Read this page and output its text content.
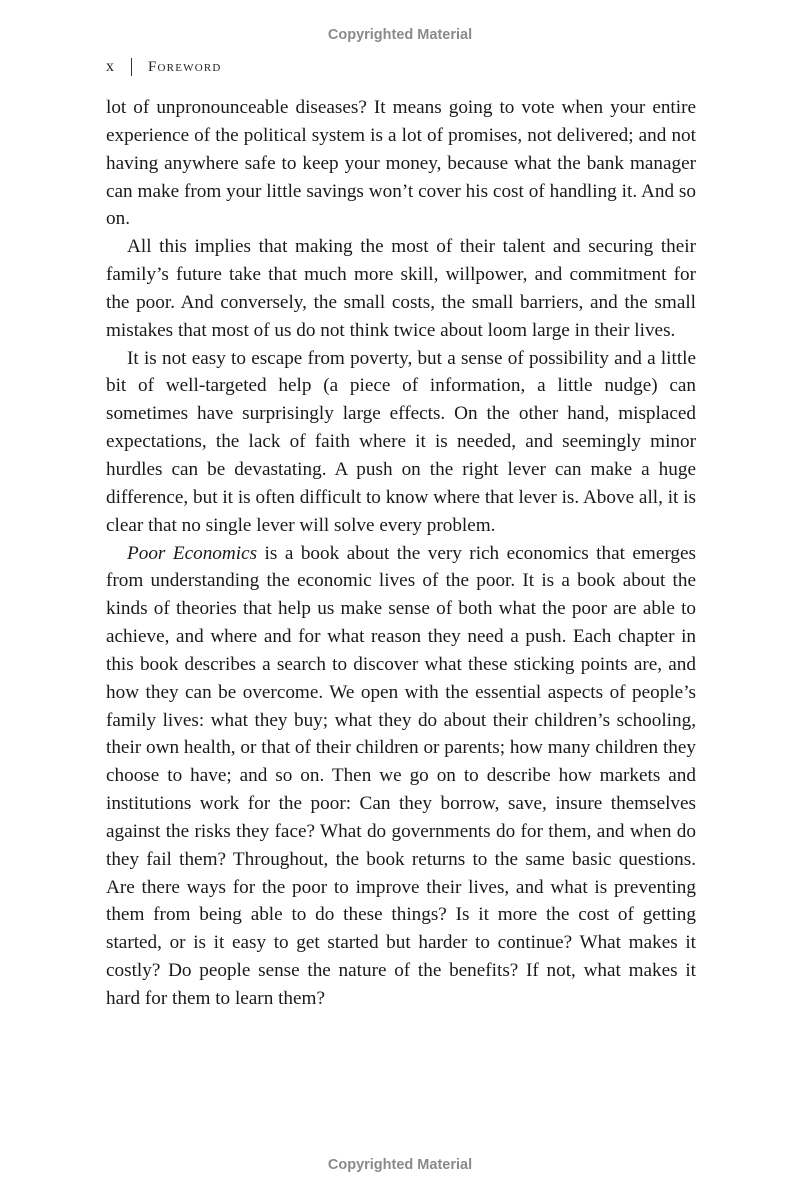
Copyrighted Material
x Foreword

lot of unpronounceable diseases? It means going to vote when your entire experience of the political system is a lot of promises, not delivered; and not having anywhere safe to keep your money, because what the bank manager can make from your little savings won’t cover his cost of handling it. And so on.

All this implies that making the most of their talent and securing their family’s future take that much more skill, willpower, and commitment for the poor. And conversely, the small costs, the small barriers, and the small mistakes that most of us do not think twice about loom large in their lives.

It is not easy to escape from poverty, but a sense of possibility and a little bit of well-targeted help (a piece of information, a little nudge) can sometimes have surprisingly large effects. On the other hand, misplaced expectations, the lack of faith where it is needed, and seemingly minor hurdles can be devastating. A push on the right lever can make a huge difference, but it is often difficult to know where that lever is. Above all, it is clear that no single lever will solve every problem.

Poor Economics is a book about the very rich economics that emerges from understanding the economic lives of the poor. It is a book about the kinds of theories that help us make sense of both what the poor are able to achieve, and where and for what reason they need a push. Each chapter in this book describes a search to discover what these sticking points are, and how they can be overcome. We open with the essential aspects of people’s family lives: what they buy; what they do about their children’s schooling, their own health, or that of their children or parents; how many children they choose to have; and so on. Then we go on to describe how markets and institutions work for the poor: Can they borrow, save, insure themselves against the risks they face? What do governments do for them, and when do they fail them? Throughout, the book returns to the same basic questions. Are there ways for the poor to improve their lives, and what is preventing them from being able to do these things? Is it more the cost of getting started, or is it easy to get started but harder to continue? What makes it costly? Do people sense the nature of the benefits? If not, what makes it hard for them to learn them?

Copyrighted Material
